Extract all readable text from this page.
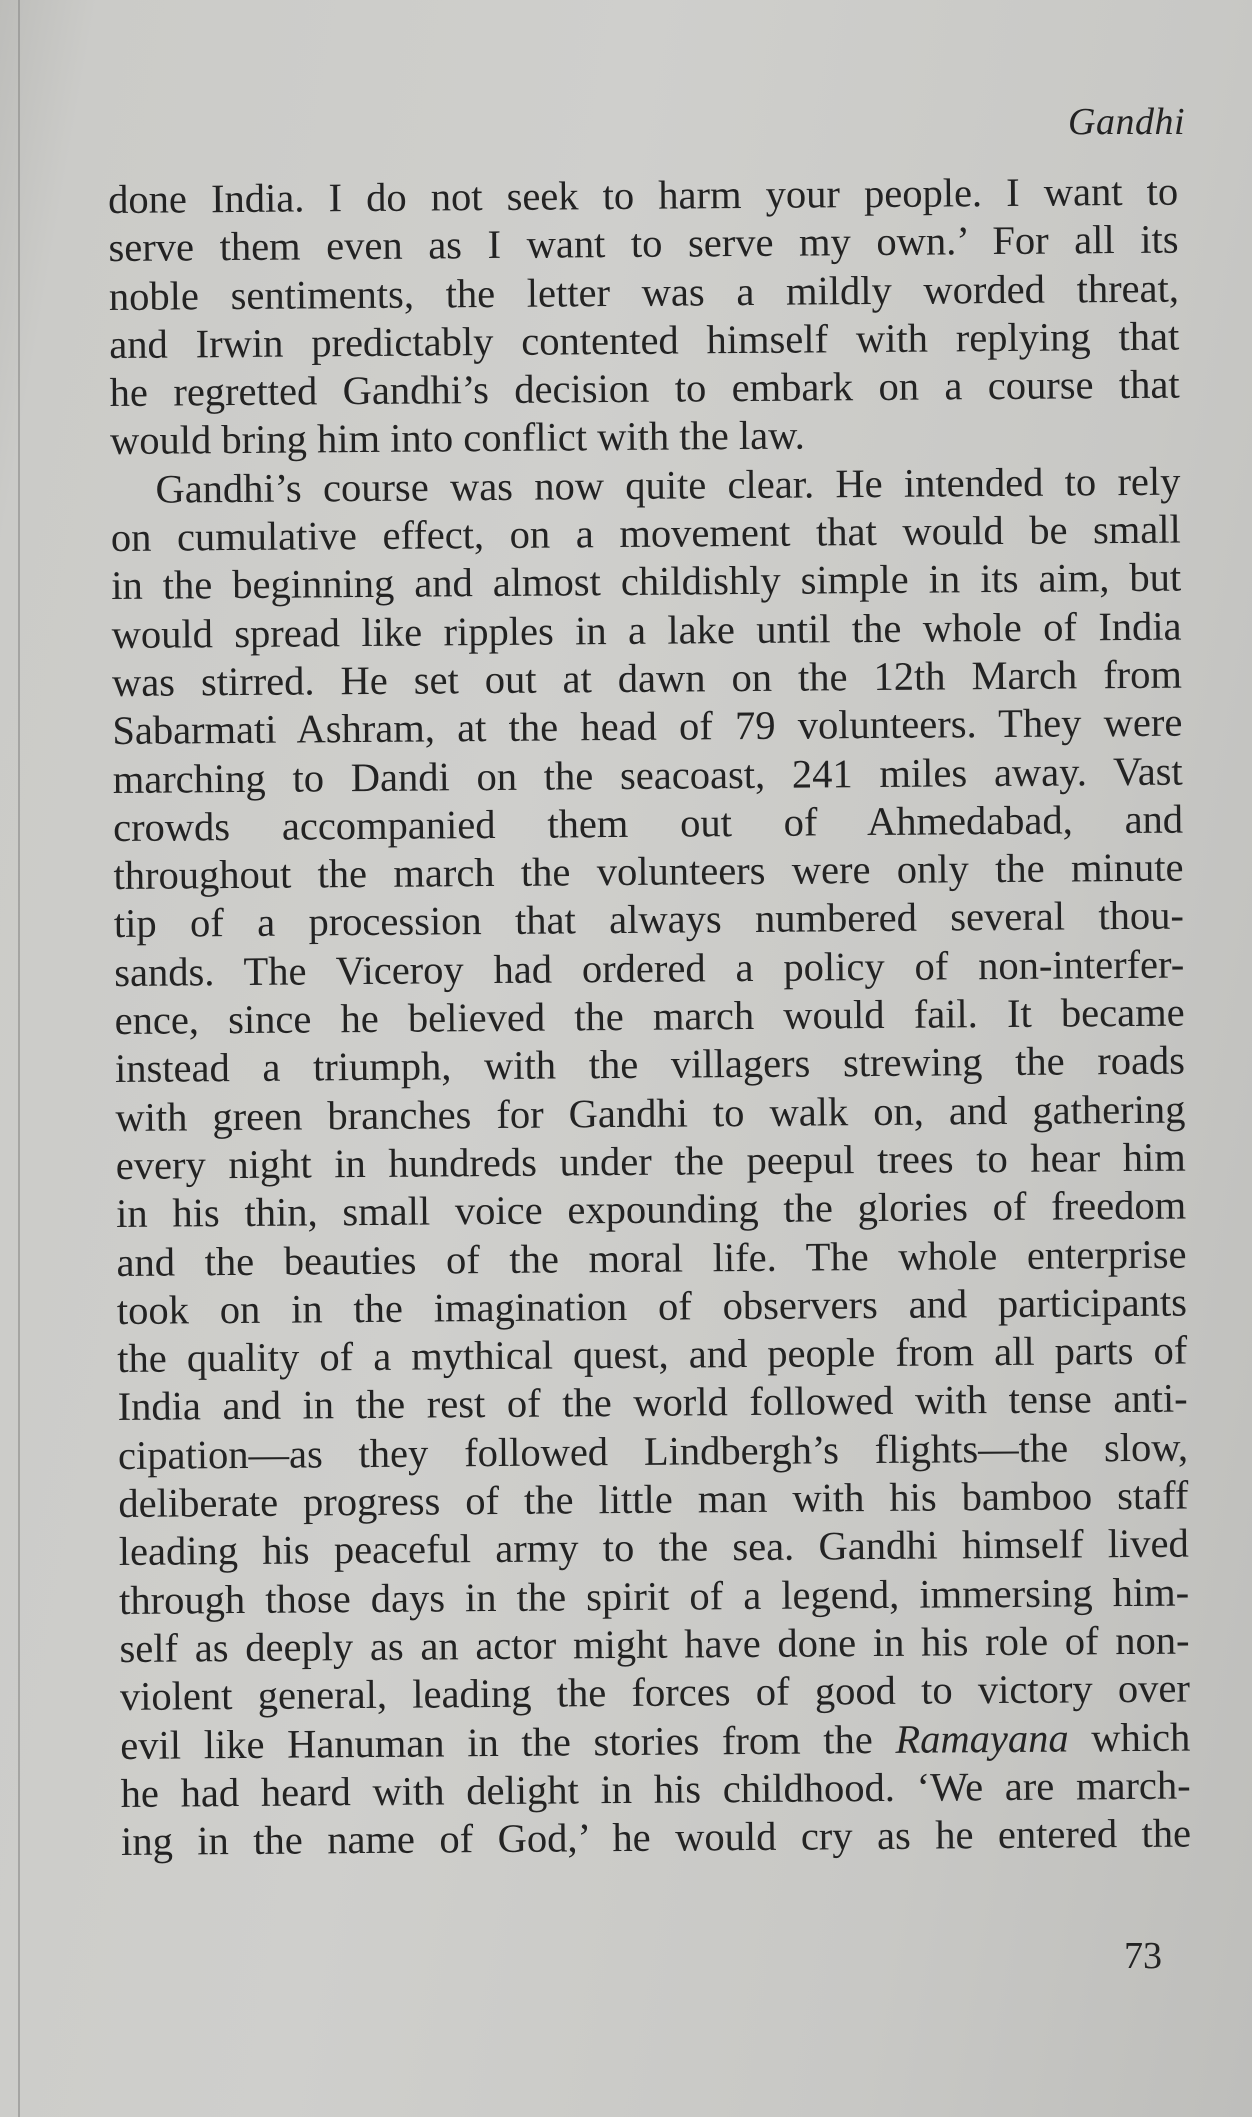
Gandhi

done India. I do not seek to harm your people. I want to
serve them even as I want to serve my own.’ For all its
noble sentiments, the letter was a mildly worded threat,
and Irwin predictably contented himself with replying that
he regretted Gandhi’s decision to embark on a course that
would bring him into conflict with the law.
Gandhi’s course was now quite clear. He intended to rely
on cumulative effect, on a movement that would be small
in the beginning and almost childishly simple in its aim, but
would spread like ripples in a lake until the whole of India
was stirred. He set out at dawn on the 12th March from
Sabarmati Ashram, at the head of 79 volunteers. They were
marching to Dandi on the seacoast, 241 miles away. Vast
crowds accompanied them out of Ahmedabad, and
throughout the march the volunteers were only the minute
tip of a procession that always numbered several thou-
sands. The Viceroy had ordered a policy of non-interfer-
ence, since he believed the march would fail. It became
instead a triumph, with the villagers strewing the roads
with green branches for Gandhi to walk on, and gathering
every night in hundreds under the peepul trees to hear him
in his thin, small voice expounding the glories of freedom
and the beauties of the moral life. The whole enterprise
took on in the imagination of observers and participants
the quality of a mythical quest, and people from all parts of
India and in the rest of the world followed with tense anti-
cipation—as they followed Lindbergh’s flights—the slow,
deliberate progress of the little man with his bamboo staff
leading his peaceful army to the sea. Gandhi himself lived
through those days in the spirit of a legend, immersing him-
self as deeply as an actor might have done in his role of non-
violent general, leading the forces of good to victory over
evil like Hanuman in the stories from the Ramayana which
he had heard with delight in his childhood. ‘We are march-
ing in the name of God,’ he would cry as he entered the

73
